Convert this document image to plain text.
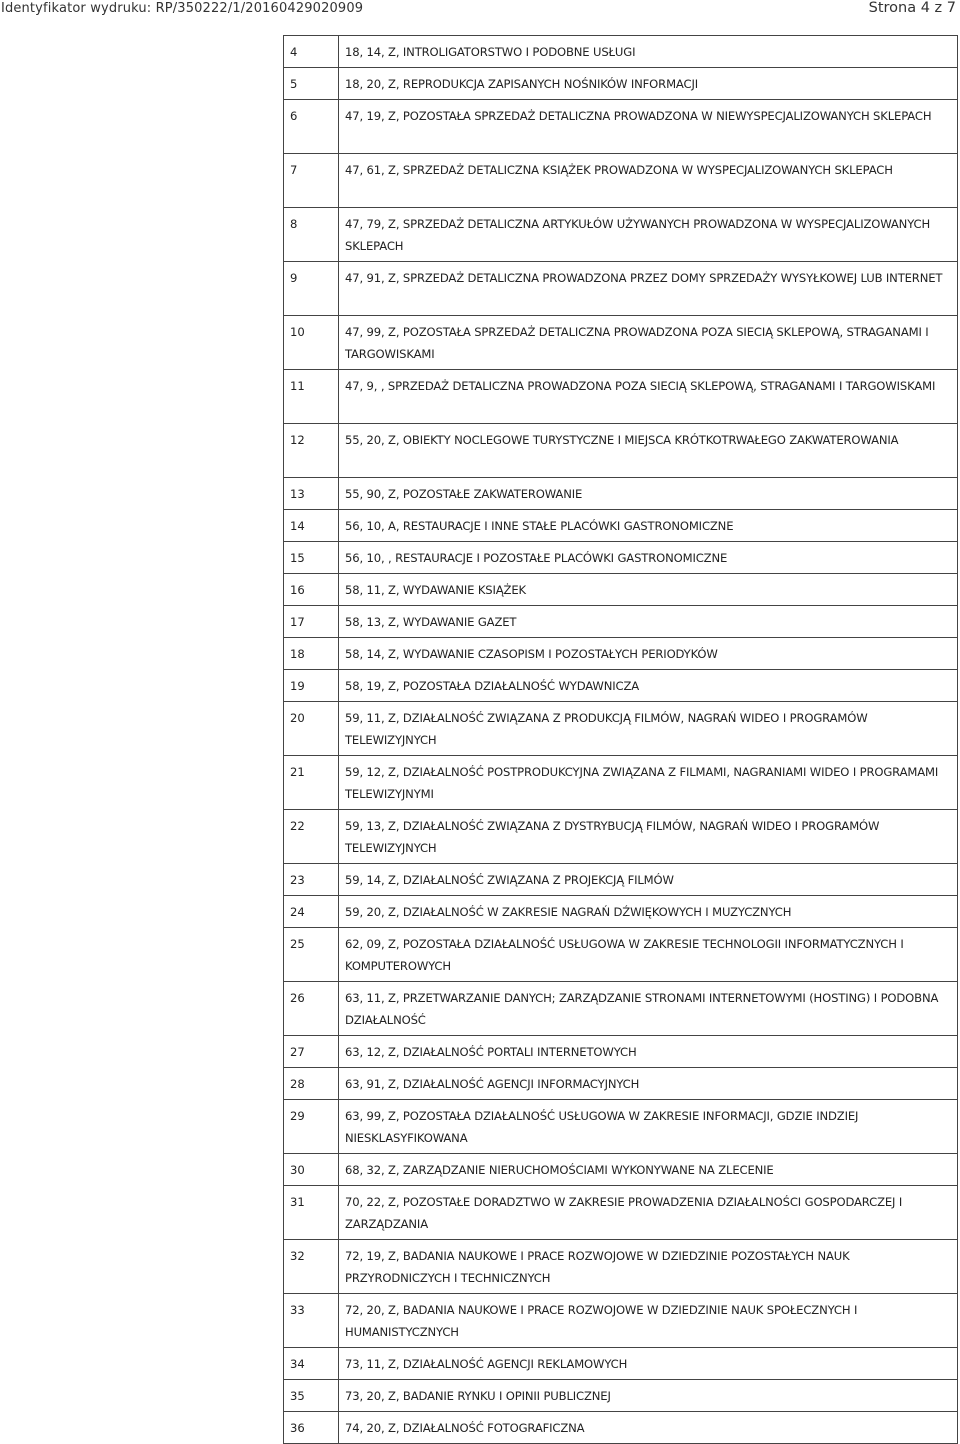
Identyfikator wydruku: RP/350222/1/20160429020909	Strona 4 z 7
4	18, 14, Z, INTROLIGATORSTWO I PODOBNE USŁUGI
5	18, 20, Z, REPRODUKCJA ZAPISANYCH NOŚNIKÓW INFORMACJI
6	47, 19, Z, POZOSTAŁA SPRZEDAŻ DETALICZNA PROWADZONA W NIEWYSPECJALIZOWANYCH SKLEPACH
7	47, 61, Z, SPRZEDAŻ DETALICZNA KSIĄŻEK PROWADZONA W WYSPECJALIZOWANYCH SKLEPACH
8	47, 79, Z, SPRZEDAŻ DETALICZNA ARTYKUŁÓW UŻYWANYCH PROWADZONA W WYSPECJALIZOWANYCH SKLEPACH
9	47, 91, Z, SPRZEDAŻ DETALICZNA PROWADZONA PRZEZ DOMY SPRZEDAŻY WYSYŁKOWEJ LUB INTERNET
10	47, 99, Z, POZOSTAŁA SPRZEDAŻ DETALICZNA PROWADZONA POZA SIECIĄ SKLEPOWĄ, STRAGANAMI I TARGOWISKAMI
11	47, 9, , SPRZEDAŻ DETALICZNA PROWADZONA POZA SIECIĄ SKLEPOWĄ, STRAGANAMI I TARGOWISKAMI
12	55, 20, Z, OBIEKTY NOCLEGOWE TURYSTYCZNE I MIEJSCA KRÓTKOTRWAŁEGO ZAKWATEROWANIA
13	55, 90, Z, POZOSTAŁE ZAKWATEROWANIE
14	56, 10, A, RESTAURACJE I INNE STAŁE PLACÓWKI GASTRONOMICZNE
15	56, 10, , RESTAURACJE I POZOSTAŁE PLACÓWKI GASTRONOMICZNE
16	58, 11, Z, WYDAWANIE KSIĄŻEK
17	58, 13, Z, WYDAWANIE GAZET
18	58, 14, Z, WYDAWANIE CZASOPISM I POZOSTAŁYCH PERIODYKÓW
19	58, 19, Z, POZOSTAŁA DZIAŁALNOŚĆ WYDAWNICZA
20	59, 11, Z, DZIAŁALNOŚĆ ZWIĄZANA Z PRODUKCJĄ FILMÓW, NAGRAŃ WIDEO I PROGRAMÓW TELEWIZYJNYCH
21	59, 12, Z, DZIAŁALNOŚĆ POSTPRODUKCYJNA ZWIĄZANA Z FILMAMI, NAGRANIAMI WIDEO I PROGRAMAMI TELEWIZYJNYMI
22	59, 13, Z, DZIAŁALNOŚĆ ZWIĄZANA Z DYSTRYBUCJĄ FILMÓW, NAGRAŃ WIDEO I PROGRAMÓW TELEWIZYJNYCH
23	59, 14, Z, DZIAŁALNOŚĆ ZWIĄZANA Z PROJEKCJĄ FILMÓW
24	59, 20, Z, DZIAŁALNOŚĆ W ZAKRESIE NAGRAŃ DŹWIĘKOWYCH I MUZYCZNYCH
25	62, 09, Z, POZOSTAŁA DZIAŁALNOŚĆ USŁUGOWA W ZAKRESIE TECHNOLOGII INFORMATYCZNYCH I KOMPUTEROWYCH
26	63, 11, Z, PRZETWARZANIE DANYCH; ZARZĄDZANIE STRONAMI INTERNETOWYMI (HOSTING) I PODOBNA DZIAŁALNOŚĆ
27	63, 12, Z, DZIAŁALNOŚĆ PORTALI INTERNETOWYCH
28	63, 91, Z, DZIAŁALNOŚĆ AGENCJI INFORMACYJNYCH
29	63, 99, Z, POZOSTAŁA DZIAŁALNOŚĆ USŁUGOWA W ZAKRESIE INFORMACJI, GDZIE INDZIEJ NIESKLASYFIKOWANA
30	68, 32, Z, ZARZĄDZANIE NIERUCHOMOŚCIAMI WYKONYWANE NA ZLECENIE
31	70, 22, Z, POZOSTAŁE DORADZTWO W ZAKRESIE PROWADZENIA DZIAŁALNOŚCI GOSPODARCZEJ I ZARZĄDZANIA
32	72, 19, Z, BADANIA NAUKOWE I PRACE ROZWOJOWE W DZIEDZINIE POZOSTAŁYCH NAUK PRZYRODNICZYCH I TECHNICZNYCH
33	72, 20, Z, BADANIA NAUKOWE I PRACE ROZWOJOWE W DZIEDZINIE NAUK SPOŁECZNYCH I HUMANISTYCZNYCH
34	73, 11, Z, DZIAŁALNOŚĆ AGENCJI REKLAMOWYCH
35	73, 20, Z, BADANIE RYNKU I OPINII PUBLICZNEJ
36	74, 20, Z, DZIAŁALNOŚĆ FOTOGRAFICZNA
